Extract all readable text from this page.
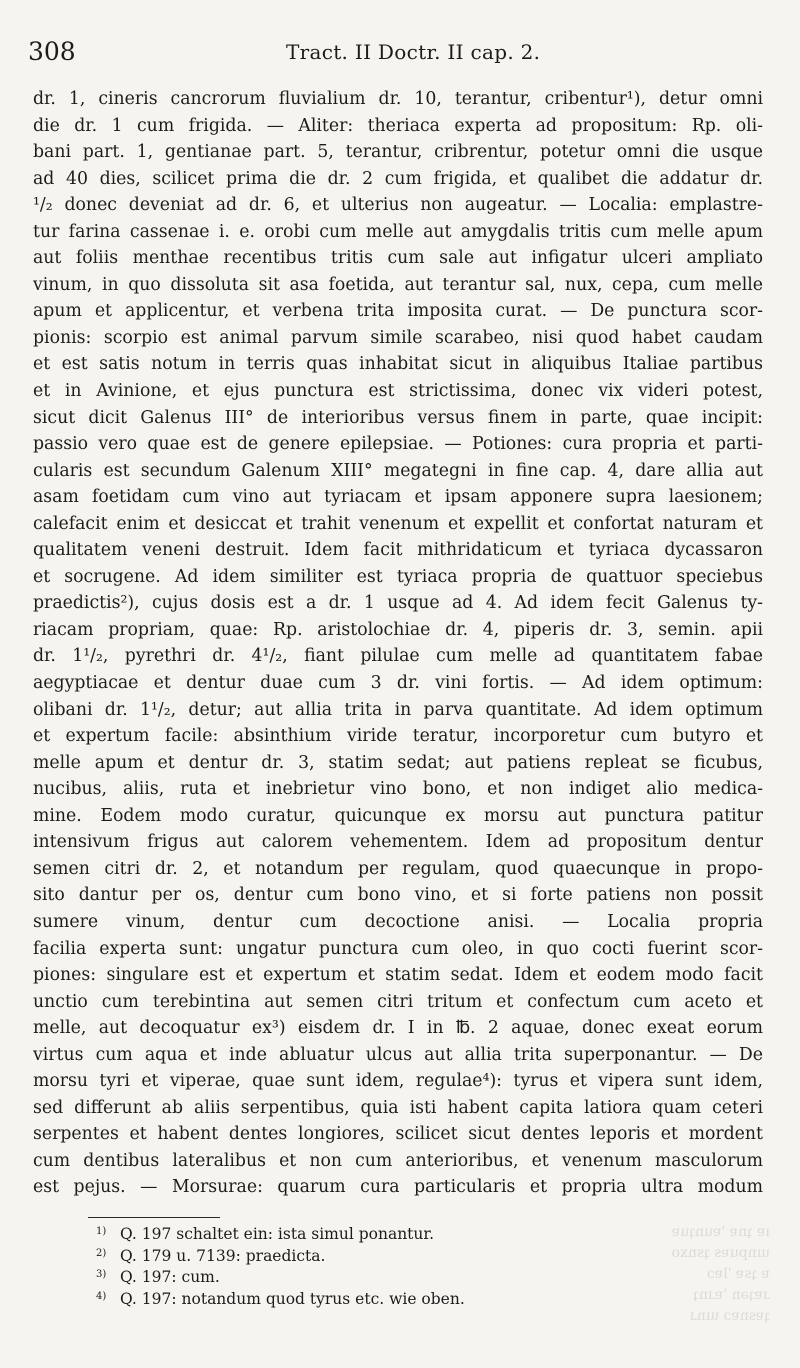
308	Tract. II Doctr. II cap. 2.
dr. 1, cineris cancrorum fluvialium dr. 10, terantur, cribentur¹), detur omni
die dr. 1 cum frigida. — Aliter: theriaca experta ad propositum: Rp. oli-
bani part. 1, gentianae part. 5, terantur, cribrentur, potetur omni die usque
ad 40 dies, scilicet prima die dr. 2 cum frigida, et qualibet die addatur dr.
¹/₂ donec deveniat ad dr. 6, et ulterius non augeatur. — Localia: emplastre-
tur farina cassenae i. e. orobi cum melle aut amygdalis tritis cum melle apum
aut foliis menthae recentibus tritis cum sale aut infigatur ulceri ampliato
vinum, in quo dissoluta sit asa foetida, aut terantur sal, nux, cepa, cum melle
apum et applicentur, et verbena trita imposita curat. — De punctura scor-
pionis: scorpio est animal parvum simile scarabeo, nisi quod habet caudam
et est satis notum in terris quas inhabitat sicut in aliquibus Italiae partibus
et in Avinione, et ejus punctura est strictissima, donec vix videri potest,
sicut dicit Galenus III° de interioribus versus finem in parte, quae incipit:
passio vero quae est de genere epilepsiae. — Potiones: cura propria et parti-
cularis est secundum Galenum XIII° megategni in fine cap. 4, dare allia aut
asam foetidam cum vino aut tyriacam et ipsam apponere supra laesionem;
calefacit enim et desiccat et trahit venenum et expellit et confortat naturam et
qualitatem veneni destruit. Idem facit mithridaticum et tyriaca dycassaron
et socrugene. Ad idem similiter est tyriaca propria de quattuor speciebus
praedictis²), cujus dosis est a dr. 1 usque ad 4. Ad idem fecit Galenus ty-
riacam propriam, quae: Rp. aristolochiae dr. 4, piperis dr. 3, semin. apii
dr. 1¹/₂, pyrethri dr. 4¹/₂, fiant pilulae cum melle ad quantitatem fabae
aegyptiacae et dentur duae cum 3 dr. vini fortis. — Ad idem optimum:
olibani dr. 1¹/₂, detur; aut allia trita in parva quantitate. Ad idem optimum
et expertum facile: absinthium viride teratur, incorporetur cum butyro et
melle apum et dentur dr. 3, statim sedat; aut patiens repleat se ficubus,
nucibus, aliis, ruta et inebrietur vino bono, et non indiget alio medica-
mine. Eodem modo curatur, quicunque ex morsu aut punctura patitur
intensivum frigus aut calorem vehementem. Idem ad propositum dentur
semen citri dr. 2, et notandum per regulam, quod quaecunque in propo-
sito dantur per os, dentur cum bono vino, et si forte patiens non possit
sumere vinum, dentur cum decoctione anisi. — Localia propria
facilia experta sunt: ungatur punctura cum oleo, in quo cocti fuerint scor-
piones: singulare est et expertum et statim sedat. Idem et eodem modo facit
unctio cum terebintina aut semen citri tritum et confectum cum aceto et
melle, aut decoquatur ex³) eisdem dr. I in ℔. 2 aquae, donec exeat eorum
virtus cum aqua et inde abluatur ulcus aut allia trita superponantur. — De
morsu tyri et viperae, quae sunt idem, regulae⁴): tyrus et vipera sunt idem,
sed differunt ab aliis serpentibus, quia isti habent capita latiora quam ceteri
serpentes et habent dentes longiores, scilicet sicut dentes leporis et mordent
cum dentibus lateralibus et non cum anterioribus, et venenum masculorum
est pejus. — Morsurae: quarum cura particularis et propria ultra modum
1) Q. 197 schaltet ein: ista simul ponantur.
2) Q. 179 u. 7139: praedicta.
3) Q. 197: cum.
4) Q. 197: notandum quod tyrus etc. wie oben.
ıɐ ʇnɐ 'ɐunʇuɐ
ɯnpuɐs ʇsnxo
ɐ ʇsɐ 'lɐɔ
ɹɐʇǝn 'ɐɹnʇ
ʇɐsnɐɔ ɯnɹ
